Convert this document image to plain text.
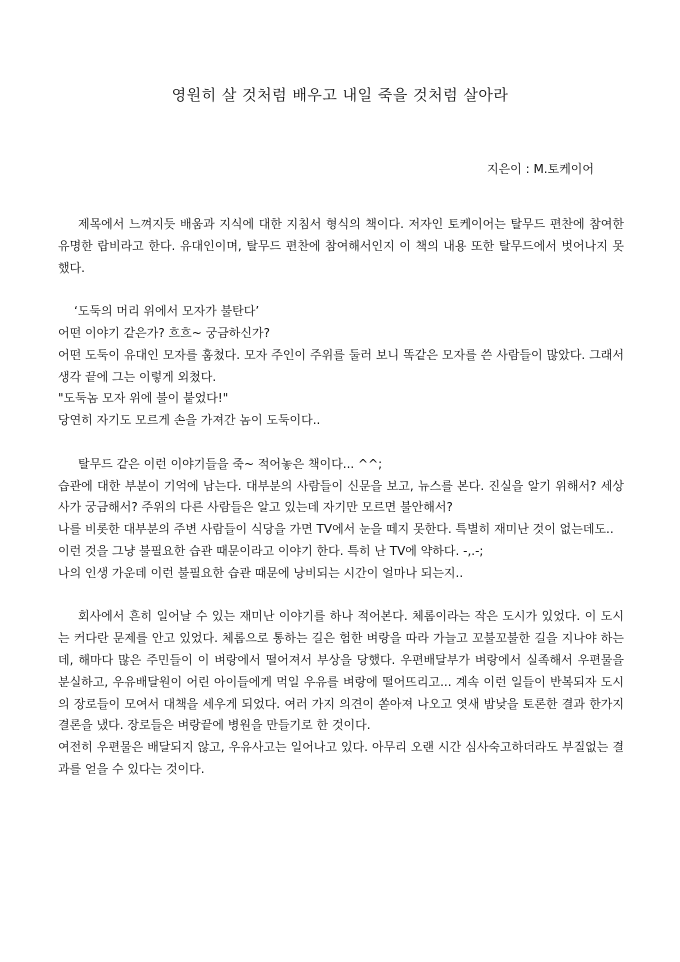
영원히 살 것처럼 배우고 내일 죽을 것처럼 살아라
지은이 : M.토케이어

제목에서 느껴지듯 배움과 지식에 대한 지침서 형식의 책이다. 저자인 토케이어는 탈무드 편찬에 참여한 유명한 랍비라고 한다. 유대인이며, 탈무드 편찬에 참여해서인지 이 책의 내용 또한 탈무드에서 벗어나지 못했다.

‘도둑의 머리 위에서 모자가 불탄다’

어떤 이야기 같은가? 흐흐~ 궁금하신가?

어떤 도둑이 유대인 모자를 훔쳤다. 모자 주인이 주위를 둘러 보니 똑같은 모자를 쓴 사람들이 많았다. 그래서 생각 끝에 그는 이렇게 외쳤다.

"도둑놈 모자 위에 불이 붙었다!"

당연히 자기도 모르게 손을 가져간 놈이 도둑이다..

탈무드 같은 이런 이야기들을 죽~ 적어놓은 책이다... ^^;

습관에 대한 부분이 기억에 남는다. 대부분의 사람들이 신문을 보고, 뉴스를 본다. 진실을 알기 위해서? 세상사가 궁금해서? 주위의 다른 사람들은 알고 있는데 자기만 모르면 불안해서?

나를 비롯한 대부분의 주변 사람들이 식당을 가면 TV에서 눈을 떼지 못한다. 특별히 재미난 것이 없는데도..

이런 것을 그냥 불필요한 습관 때문이라고 이야기 한다. 특히 난 TV에 약하다. -,.-;

나의 인생 가운데 이런 불필요한 습관 때문에 낭비되는 시간이 얼마나 되는지..

회사에서 흔히 일어날 수 있는 재미난 이야기를 하나 적어본다. 체롬이라는 작은 도시가 있었다. 이 도시는 커다란 문제를 안고 있었다. 체롬으로 통하는 길은 험한 벼랑을 따라 가늘고 꼬불꼬불한 길을 지나야 하는데, 해마다 많은 주민들이 이 벼랑에서 떨어져서 부상을 당했다. 우편배달부가 벼랑에서 실족해서 우편물을 분실하고, 우유배달원이 어린 아이들에게 먹일 우유를 벼랑에 떨어뜨리고... 계속 이런 일들이 반복되자 도시의 장로들이 모여서 대책을 세우게 되었다. 여러 가지 의견이 쏟아져 나오고 엿새 밤낮을 토론한 결과 한가지 결론을 냈다. 장로들은 벼랑끝에 병원을 만들기로 한 것이다.

여전히 우편물은 배달되지 않고, 우유사고는 일어나고 있다. 아무리 오랜 시간 심사숙고하더라도 부질없는 결과를 얻을 수 있다는 것이다.
